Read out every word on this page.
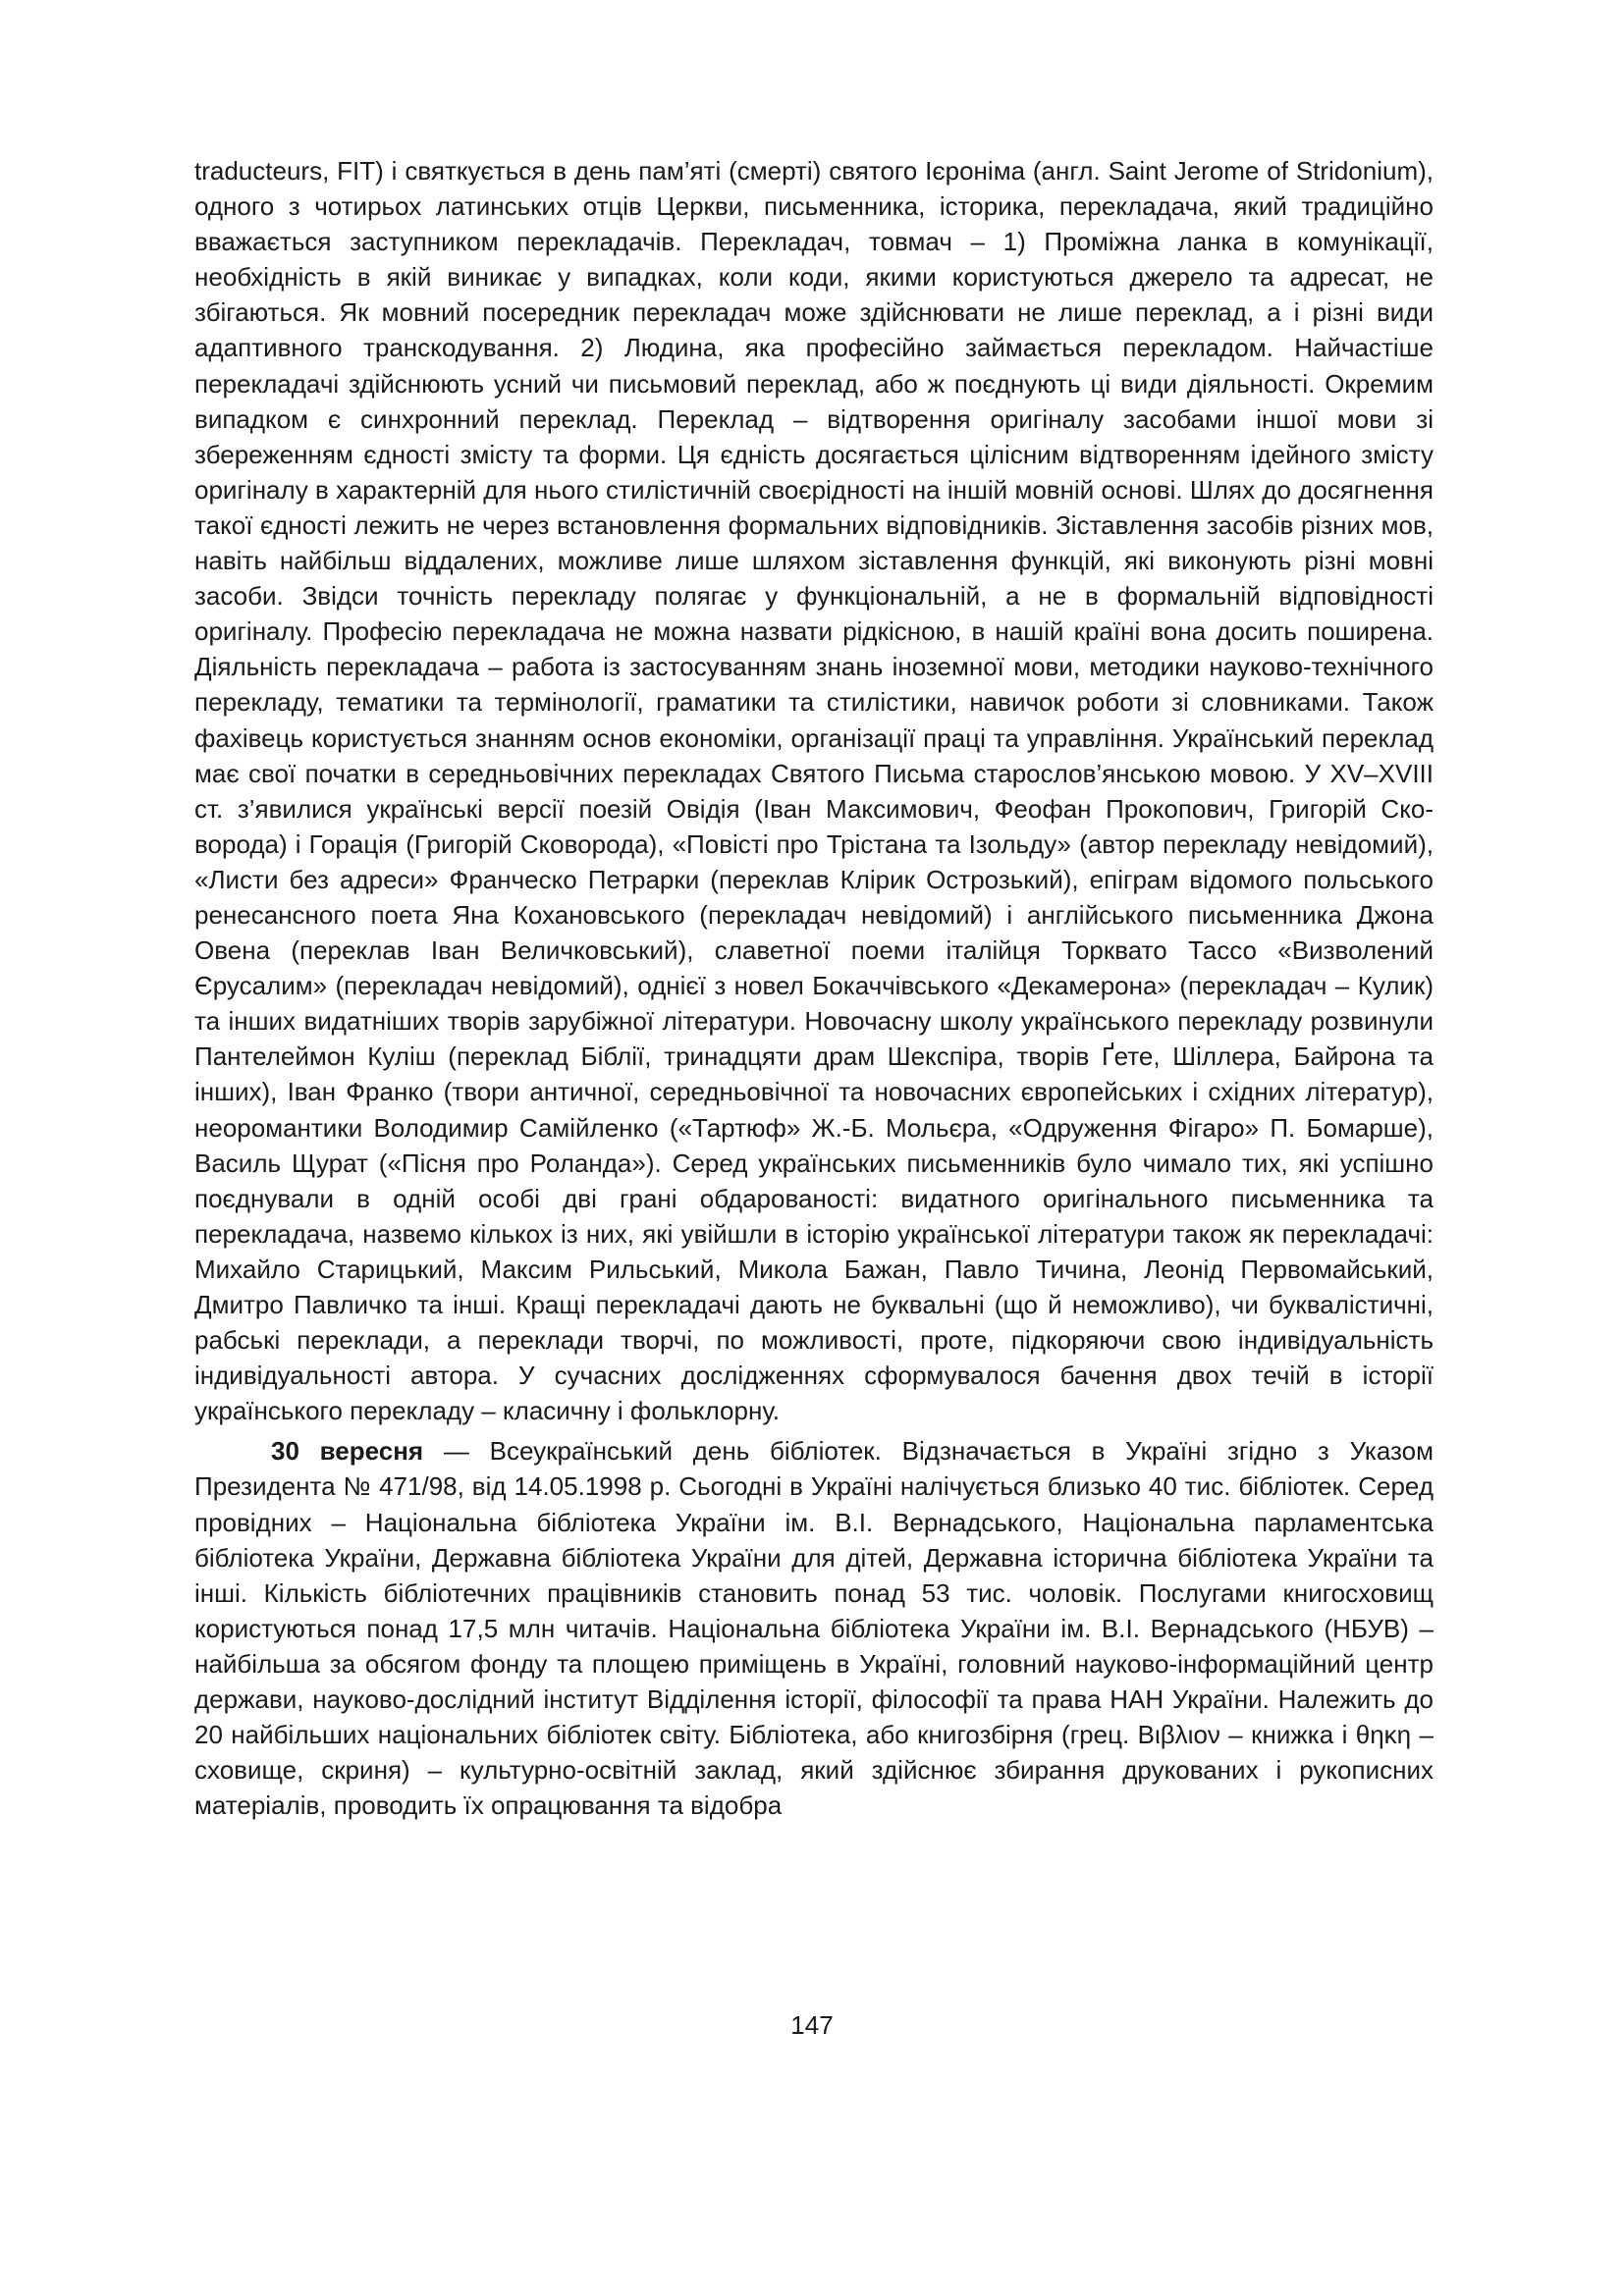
traducteurs, FIT) і святкується в день пам’яті (смерті) святого Ієроніма (англ. Saint Jerome of Stridonium), одного з чотирьох латинських отців Церкви, письменника, історика, перекладача, який традиційно вважається заступником перекладачів. Перекладач, товмач – 1) Проміжна ланка в комунікації, необхідність в якій виникає у випадках, коли коди, якими користуються джерело та адресат, не збігаються. Як мовний посередник перекладач може здійснювати не лише переклад, а і різні види адаптивного транскодування. 2) Людина, яка професійно займається перекладом. Найчастіше перекладачі здійснюють усний чи письмовий переклад, або ж поєднують ці види діяльності. Окремим випадком є синхронний переклад. Переклад – відтворення оригіналу засобами іншої мови зі збереженням єдності змісту та форми. Ця єдність досягається цілісним відтворенням ідейного змісту оригіналу в характерній для нього стилістичній своєрідності на іншій мовній основі. Шлях до досягнення такої єдності лежить не через встановлення формальних відповідників. Зіставлення засобів різних мов, навіть найбільш віддалених, можливе лише шляхом зіставлення функцій, які виконують різні мовні засоби. Звідси точність перекладу полягає у функціональній, а не в формальній відповідності оригіналу. Професію перекладача не можна назвати рідкісною, в нашій країні вона досить поширена. Діяльність перекладача – работа із застосуванням знань іноземної мови, методики науково-технічного перекладу, тематики та термінології, граматики та стилістики, навичок роботи зі словниками. Також фахівець користується знанням основ економіки, організації праці та управління. Український переклад має свої початки в середньовічних перекладах Святого Письма старослов’янською мовою. У XV–XVIII ст. з’явилися українські версії поезій Овідія (Іван Максимович, Феофан Прокопович, Григорій Сковорода) і Горація (Григорій Сковорода), «Повісті про Трістана та Ізольду» (автор перекладу невідомий), «Листи без адреси» Франческо Петрарки (переклав Клірик Острозький), епіграм відомого польського ренесансного поета Яна Кохановського (перекладач невідомий) і англійського письменника Джона Овена (переклав Іван Величковський), славетної поеми італійця Торквато Тассо «Визволений Єрусалим» (перекладач невідомий), однієї з новел Бокаччівського «Декамерона» (перекладач – Кулик) та інших видатніших творів зарубіжної літератури. Новочасну школу українського перекладу розвинули Пантелеймон Куліш (переклад Біблії, тринадцяти драм Шекспіра, творів Ґете, Шіллера, Байрона та інших), Іван Франко (твори античної, середньовічної та новочасних європейських і східних літератур), неоромантики Володимир Самійленко («Тартюф» Ж.-Б. Мольєра, «Одруження Фігаро» П. Бомарше), Василь Щурат («Пісня про Роланда»). Серед українських письменників було чимало тих, які успішно поєднували в одній особі дві грані обдарованості: видатного оригінального письменника та перекладача, назвемо кількох із них, які увійшли в історію української літератури також як перекладачі: Михайло Старицький, Максим Рильський, Микола Бажан, Павло Тичина, Леонід Первомайський, Дмитро Павличко та інші. Кращі перекладачі дають не буквальні (що й неможливо), чи буквалістичні, рабські переклади, а переклади творчі, по можливості, проте, підкоряючи свою індивідуальність індивідуальності автора. У сучасних дослідженнях сформувалося бачення двох течій в історії українського перекладу – класичну і фольклорну.

30 вересня — Всеукраїнський день бібліотек. Відзначається в Україні згідно з Указом Президента № 471/98, від 14.05.1998 р. Сьогодні в Україні налічується близько 40 тис. бібліотек. Серед провідних – Національна бібліотека України ім. В.І. Вернадського, Національна парламентська бібліотека України, Державна бібліотека України для дітей, Державна історична бібліотека України та інші. Кількість бібліотечних працівників становить понад 53 тис. чоловік. Послугами книгосховищ користуються понад 17,5 млн читачів. Національна бібліотека України ім. В.І. Вернадського (НБУВ) – найбільша за обсягом фонду та площею приміщень в Україні, головний науково-інформаційний центр держави, науково-дослідний інститут Відділення історії, філософії та права НАН України. Належить до 20 найбільших національних бібліотек світу. Бібліотека, або книгозбірня (грец. Βιβλιον – книжка і θηκη – сховище, скриня) – культурно-освітній заклад, який здійснює збирання друкованих і рукописних матеріалів, проводить їх опрацювання та відобра

147
